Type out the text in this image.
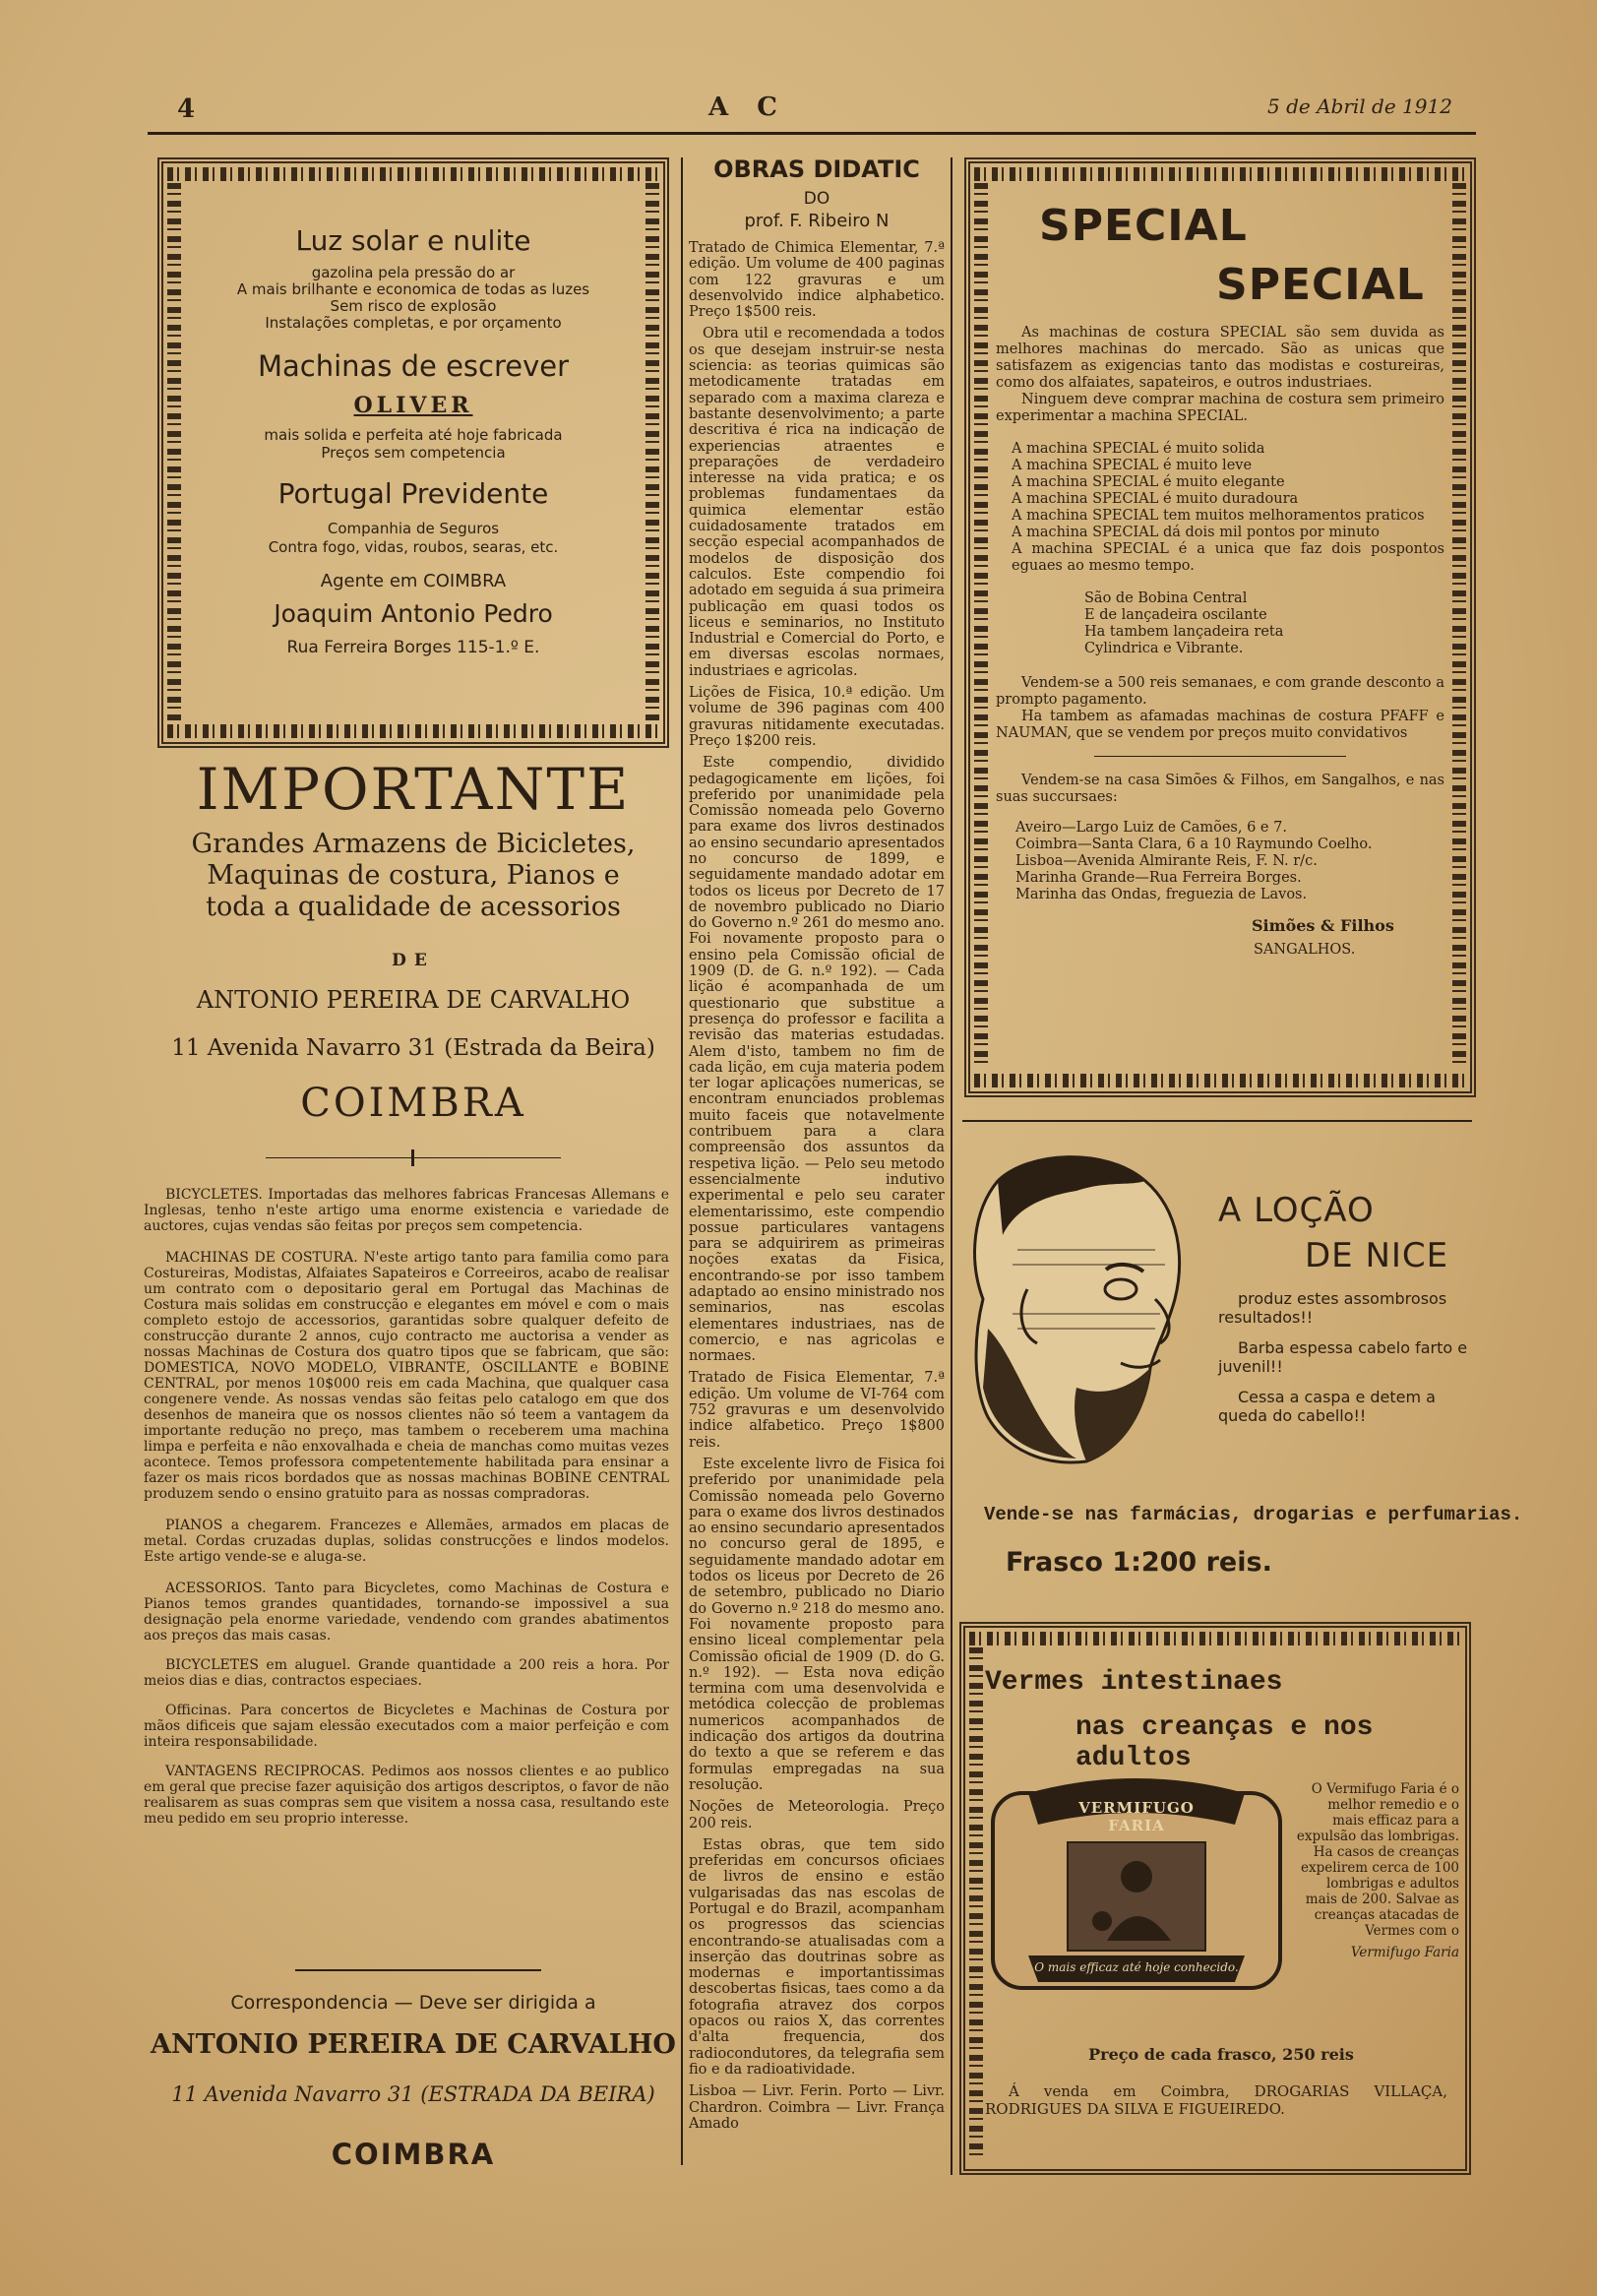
4	A C	5 de Abril de 1912
Luz solar e nulite
gazolina pela pressão do ar
A mais brilhante e economica de todas as luzes
Sem risco de explosão
Instalações completas, e por orçamento
Machinas de escrever
OLIVER
mais solida e perfeita até hoje fabricada
Preços sem competencia
Portugal Previdente
Companhia de Seguros
Contra fogo, vidas, roubos, searas, etc.
Agente em COIMBRA
Joaquim Antonio Pedro
Rua Ferreira Borges 115-1.º E.
IMPORTANTE
Grandes Armazens de Bicicletes,
Maquinas de costura, Pianos e
toda a qualidade de acessorios
DE
ANTONIO PEREIRA DE CARVALHO
11 Avenida Navarro 31 (Estrada da Beira)
COIMBRA

BICYCLETES. Importadas das melhores fabricas Francesas Allemans e Inglesas, tenho n'este artigo uma enorme existencia e variedade de auctores, cujas vendas são feitas por preços sem competencia.

MACHINAS DE COSTURA. N'este artigo tanto para familia como para Costureiras, Modistas, Alfaiates Sapateiros e Correeiros, acabo de realisar um contrato com o depositario geral em Portugal das Machinas de Costura mais solidas em construcção e elegantes em móvel e com o mais completo estojo de accessorios, garantidas sobre qualquer defeito de construcção durante 2 annos, cujo contracto me auctorisa a vender as nossas Machinas de Costura dos quatro tipos que se fabricam, que são: DOMESTICA, NOVO MODELO, VIBRANTE, OSCILLANTE e BOBINE CENTRAL, por menos 10$000 reis em cada Machina, que qualquer casa congenere vende. As nossas vendas são feitas pelo catalogo em que dos desenhos de maneira que os nossos clientes não só teem a vantagem da importante redução no preço, mas tambem o receberem uma machina limpa e perfeita e não enxovalhada e cheia de manchas como muitas vezes acontece. Temos professora competentemente habilitada para ensinar a fazer os mais ricos bordados que as nossas machinas BOBINE CENTRAL produzem sendo o ensino gratuito para as nossas compradoras.

PIANOS a chegarem. Francezes e Allemães, armados em placas de metal. Cordas cruzadas duplas, solidas construcções e lindos modelos. Este artigo vende-se e aluga-se.

ACESSORIOS. Tanto para Bicycletes, como Machinas de Costura e Pianos temos grandes quantidades, tornando-se impossivel a sua designação pela enorme variedade, vendendo com grandes abatimentos aos preços das mais casas.

BICYCLETES em aluguel. Grande quantidade a 200 reis a hora. Por meios dias e dias, contractos especiaes.

Officinas. Para concertos de Bicycletes e Machinas de Costura por mãos dificeis que sajam elessão executados com a maior perfeição e com inteira responsabilidade.

VANTAGENS RECIPROCAS. Pedimos aos nossos clientes e ao publico em geral que precise fazer aquisição dos artigos descriptos, o favor de não realisarem as suas compras sem que visitem a nossa casa, resultando este meu pedido em seu proprio interesse.

Correspondencia — Deve ser dirigida a
ANTONIO PEREIRA DE CARVALHO
11 Avenida Navarro 31 (ESTRADA DA BEIRA)
COIMBRA
OBRAS DIDATIC
DO
prof. F. Ribeiro N

Tratado de Chimica Elementar, 7.ª edição. Um volume de 400 paginas com 122 gravuras e um desenvolvido indice alphabetico. Preço 1$500 reis.

Obra util e recomendada a todos os que desejam instruir-se nesta sciencia: as teorias quimicas são metodicamente tratadas em separado com a maxima clareza e bastante desenvolvimento; a parte descritiva é rica na indicação de experiencias atraentes e preparações de verdadeiro interesse na vida pratica; e os problemas fundamentaes da quimica elementar estão cuidadosamente tratados em secção especial acompanhados de modelos de disposição dos calculos. Este compendio foi adotado em seguida á sua primeira publicação em quasi todos os liceus e seminarios, no Instituto Industrial e Comercial do Porto, e em diversas escolas normaes, industriaes e agricolas.

Lições de Fisica, 10.ª edição. Um volume de 396 paginas com 400 gravuras nitidamente executadas. Preço 1$200 reis.

Este compendio, dividido pedagogicamente em lições, foi preferido por unanimidade pela Comissão nomeada pelo Governo para exame dos livros destinados ao ensino secundario apresentados no concurso de 1899, e seguidamente mandado adotar em todos os liceus por Decreto de 17 de novembro publicado no Diario do Governo n.º 261 do mesmo ano. Foi novamente proposto para o ensino pela Comissão oficial de 1909 (D. de G. n.º 192). — Cada lição é acompanhada de um questionario que substitue a presença do professor e facilita a revisão das materias estudadas. Alem d'isto, tambem no fim de cada lição, em cuja materia podem ter logar aplicações numericas, se encontram enunciados problemas muito faceis que notavelmente contribuem para a clara compreensão dos assuntos da respetiva lição. — Pelo seu metodo essencialmente indutivo experimental e pelo seu carater elementarissimo, este compendio possue particulares vantagens para se adquirirem as primeiras noções exatas da Fisica, encontrando-se por isso tambem adaptado ao ensino ministrado nos seminarios, nas escolas elementares industriaes, nas de comercio, e nas agricolas e normaes.

Tratado de Fisica Elementar, 7.ª edição. Um volume de VI-764 com 752 gravuras e um desenvolvido indice alfabetico. Preço 1$800 reis.

Este excelente livro de Fisica foi preferido por unanimidade pela Comissão nomeada pelo Governo para o exame dos livros destinados ao ensino secundario apresentados no concurso geral de 1895, e seguidamente mandado adotar em todos os liceus por Decreto de 26 de setembro, publicado no Diario do Governo n.º 218 do mesmo ano. Foi novamente proposto para ensino liceal complementar pela Comissão oficial de 1909 (D. do G. n.º 192). — Esta nova edição termina com uma desenvolvida e metódica colecção de problemas numericos acompanhados de indicação dos artigos da doutrina do texto a que se referem e das formulas empregadas na sua resolução.

Noções de Meteorologia. Preço 200 reis.

Estas obras, que tem sido preferidas em concursos oficiaes de livros de ensino e estão vulgarisadas das nas escolas de Portugal e do Brazil, acompanham os progressos das sciencias encontrando-se atualisadas com a inserção das doutrinas sobre as modernas e importantissimas descobertas fisicas, taes como a da fotografia atravez dos corpos opacos ou raios X, das correntes d'alta frequencia, dos radiocondutores, da telegrafia sem fio e da radioatividade.

Lisboa — Livr. Ferin. Porto — Livr. Chardron. Coimbra — Livr. França Amado

SPECIAL
SPECIAL

As machinas de costura SPECIAL são sem duvida as melhores machinas do mercado. São as unicas que satisfazem as exigencias tanto das modistas e costureiras, como dos alfaiates, sapateiros, e outros industriaes.

Ninguem deve comprar machina de costura sem primeiro experimentar a machina SPECIAL.

A machina SPECIAL é muito solida
A machina SPECIAL é muito leve
A machina SPECIAL é muito elegante
A machina SPECIAL é muito duradoura
A machina SPECIAL tem muitos melhoramentos praticos
A machina SPECIAL dá dois mil pontos por minuto
A machina SPECIAL é a unica que faz dois pospontos eguaes ao mesmo tempo.
São de Bobina Central
E de lançadeira oscilante
Ha tambem lançadeira reta
Cylindrica e Vibrante.

Vendem-se a 500 reis semanaes, e com grande desconto a prompto pagamento.

Ha tambem as afamadas machinas de costura PFAFF e NAUMAN, que se vendem por preços muito convidativos

Vendem-se na casa Simões & Filhos, em Sangalhos, e nas suas succursaes:

Aveiro—Largo Luiz de Camões, 6 e 7.
Coimbra—Santa Clara, 6 a 10 Raymundo Coelho.
Lisboa—Avenida Almirante Reis, F. N. r/c.
Marinha Grande—Rua Ferreira Borges.
Marinha das Ondas, freguezia de Lavos.
Simões & Filhos
SANGALHOS.
A LOÇÃO
DE NICE

produz estes assombrosos resultados!!

Barba espessa cabelo farto e juvenil!!

Cessa a caspa e detem a queda do cabello!!

Vende-se nas farmácias, drogarias e perfumarias.
Frasco 1:200 reis.
Vermes intestinaes
nas creanças e nos adultos
VERMIFUGO FARIA
O mais efficaz até hoje conhecido.

O Vermifugo Faria é o melhor remedio e o mais efficaz para a expulsão das lombrigas. Ha casos de creanças expelirem cerca de 100 lombrigas e adultos mais de 200. Salvae as creanças atacadas de Vermes com o

Vermifugo Faria

Preço de cada frasco, 250 reis
Á venda em Coimbra, DROGARIAS VILLAÇA, RODRIGUES DA SILVA E FIGUEIREDO.
